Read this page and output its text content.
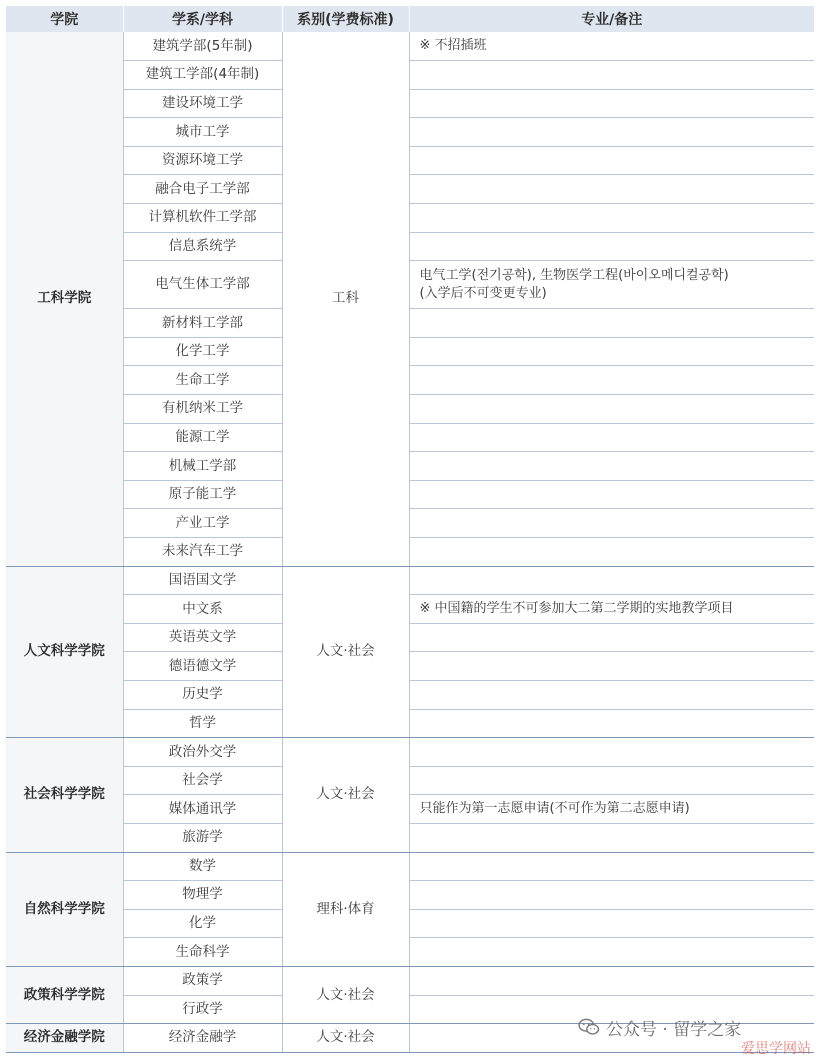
学院	学系/学科	系别(学费标准)	专业/备注
工科学院	建筑学部(5年制)	工科	※ 不招插班
	建筑工学部(4年制)		
	建设环境工学		
	城市工学		
	资源环境工学		
	融合电子工学部		
	计算机软件工学部		
	信息系统学		
	电气生体工学部		电气工学(전기공학), 生物医学工程(바이오메디컬공학)
(入学后不可变更专业)
	新材料工学部		
	化学工学		
	生命工学		
	有机纳米工学		
	能源工学		
	机械工学部		
	原子能工学		
	产业工学		
	未来汽车工学		
人文科学学院	国语国文学	人文·社会	
	中文系		※ 中国籍的学生不可参加大二第二学期的实地教学项目
	英语英文学		
	德语德文学		
	历史学		
	哲学		
社会科学学院	政治外交学	人文·社会	
	社会学		
	媒体通讯学		只能作为第一志愿申请(不可作为第二志愿申请)
	旅游学		
自然科学学院	数学	理科·体育	
	物理学		
	化学		
	生命科学		
政策科学学院	政策学	人文·社会	
	行政学		
经济金融学院	经济金融学	人文·社会		公众号 · 留学之家
爱思学网站
